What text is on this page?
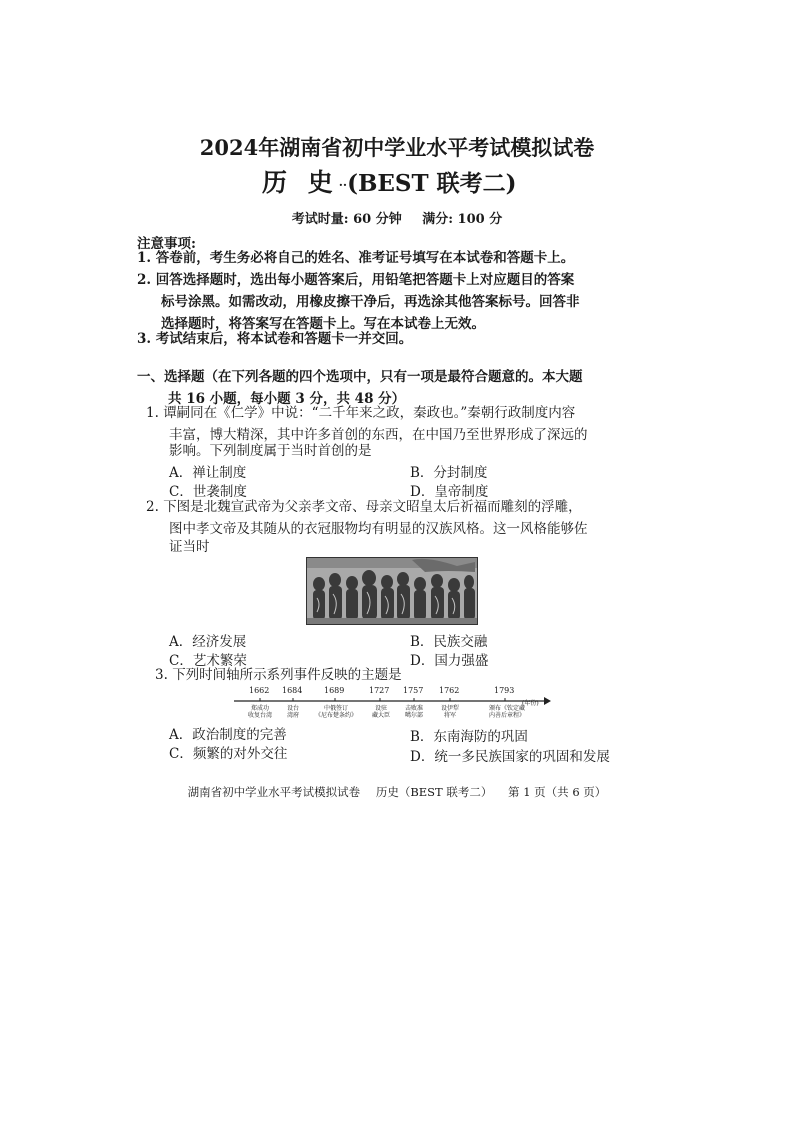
2024年湖南省初中学业水平考试模拟试卷
历 史··(BEST 联考二)
考试时量: 60 分钟 满分: 100 分
注意事项:
1. 答卷前，考生务必将自己的姓名、准考证号填写在本试卷和答题卡上。
2. 回答选择题时，选出每小题答案后，用铅笔把答题卡上对应题目的答案
标号涂黑。如需改动，用橡皮擦干净后，再选涂其他答案标号。回答非
选择题时，将答案写在答题卡上。写在本试卷上无效。
3. 考试结束后，将本试卷和答题卡一并交回。
一、选择题（在下列各题的四个选项中，只有一项是最符合题意的。本大题
共 16 小题，每小题 3 分，共 48 分）
1. 谭嗣同在《仁学》中说：“二千年来之政，秦政也。”秦朝行政制度内容
丰富，博大精深，其中许多首创的东西，在中国乃至世界形成了深远的
影响。下列制度属于当时首创的是
A．禅让制度	B．分封制度
C．世袭制度	D．皇帝制度
2. 下图是北魏宣武帝为父亲孝文帝、母亲文昭皇太后祈福而雕刻的浮雕，
图中孝文帝及其随从的衣冠服物均有明显的汉族风格。这一风格能够佐
证当时
A．经济发展	B．民族交融
C．艺术繁荣	D．国力强盛
3. 下列时间轴所示系列事件反映的主题是
1662 1684	1689	1727 1757 1762	1793
(年份)
郑成功
收复台湾
设台
湾府
中俄签订
《尼布楚条约》
设驻
藏大臣
击败准
噶尔部
设伊犁
将军
颁布《钦定藏
内善后章程》
A．政治制度的完善	B．东南海防的巩固
C．频繁的对外交往	D．统一多民族国家的巩固和发展
湖南省初中学业水平考试模拟试卷 历史（BEST 联考二） 第 1 页（共 6 页）
